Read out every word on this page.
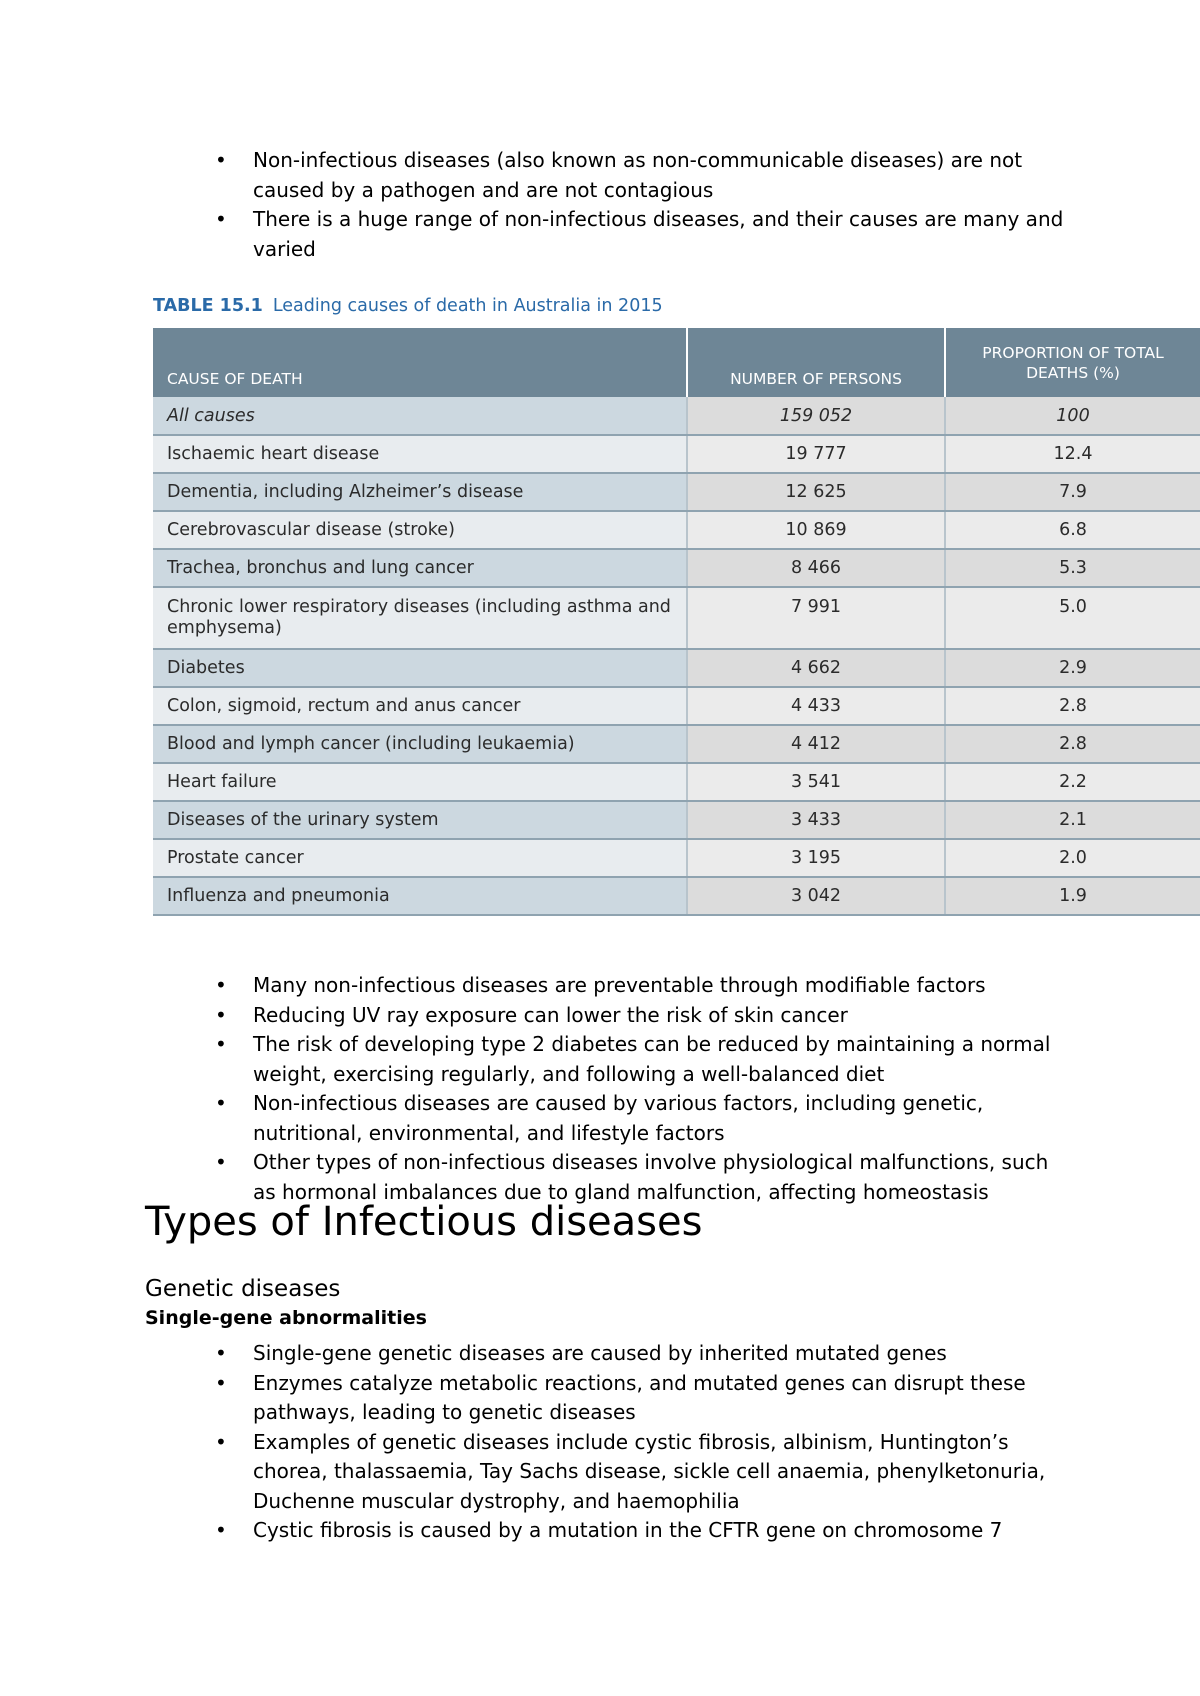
• Non-infectious diseases (also known as non-communicable diseases) are not caused by a pathogen and are not contagious
• There is a huge range of non-infectious diseases, and their causes are many and varied
TABLE 15.1 Leading causes of death in Australia in 2015
CAUSE OF DEATH	NUMBER OF PERSONS	PROPORTION OF TOTAL DEATHS (%)
All causes	159 052	100
Ischaemic heart disease	19 777	12.4
Dementia, including Alzheimer’s disease	12 625	7.9
Cerebrovascular disease (stroke)	10 869	6.8
Trachea, bronchus and lung cancer	8 466	5.3
Chronic lower respiratory diseases (including asthma and emphysema)	7 991	5.0
Diabetes	4 662	2.9
Colon, sigmoid, rectum and anus cancer	4 433	2.8
Blood and lymph cancer (including leukaemia)	4 412	2.8
Heart failure	3 541	2.2
Diseases of the urinary system	3 433	2.1
Prostate cancer	3 195	2.0
Influenza and pneumonia	3 042	1.9
• Many non-infectious diseases are preventable through modifiable factors
• Reducing UV ray exposure can lower the risk of skin cancer
• The risk of developing type 2 diabetes can be reduced by maintaining a normal weight, exercising regularly, and following a well-balanced diet
• Non-infectious diseases are caused by various factors, including genetic, nutritional, environmental, and lifestyle factors
• Other types of non-infectious diseases involve physiological malfunctions, such as hormonal imbalances due to gland malfunction, affecting homeostasis
Types of Infectious diseases
Genetic diseases
Single-gene abnormalities
• Single-gene genetic diseases are caused by inherited mutated genes
• Enzymes catalyze metabolic reactions, and mutated genes can disrupt these pathways, leading to genetic diseases
• Examples of genetic diseases include cystic fibrosis, albinism, Huntington’s chorea, thalassaemia, Tay Sachs disease, sickle cell anaemia, phenylketonuria, Duchenne muscular dystrophy, and haemophilia
• Cystic fibrosis is caused by a mutation in the CFTR gene on chromosome 7
